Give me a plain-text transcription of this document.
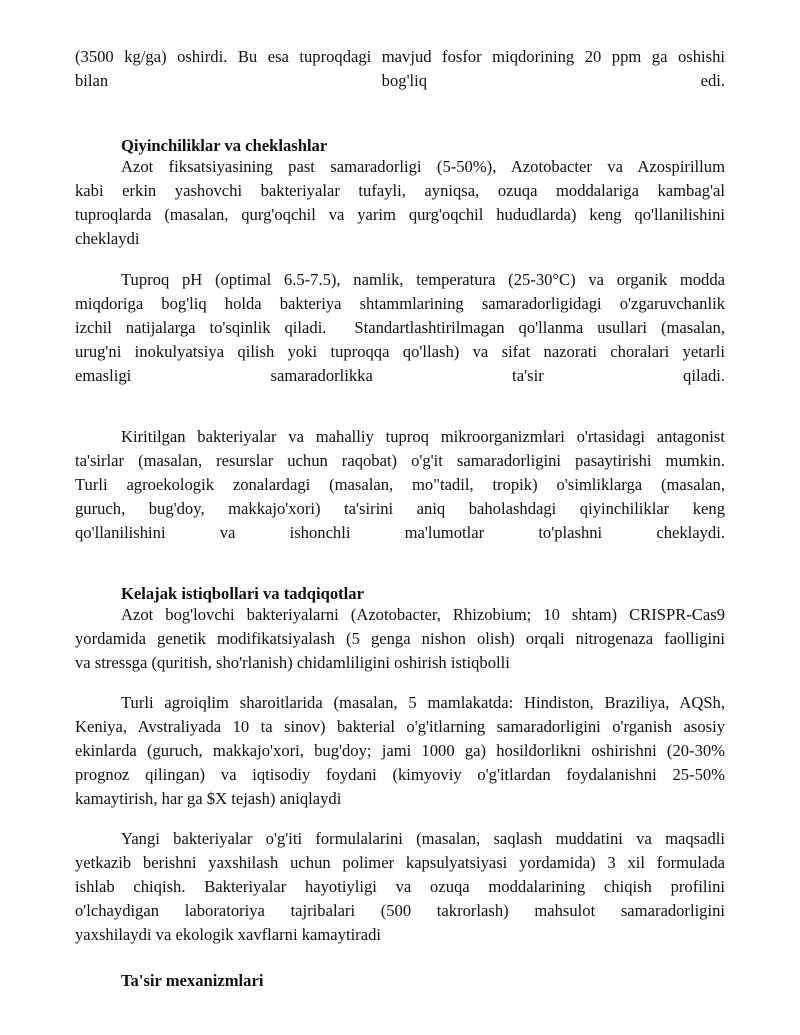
(3500 kg/ga) oshirdi. Bu esa tuproqdagi mavjud fosfor miqdorining 20 ppm ga oshishi
bilan bog'liq edi.
Qiyinchiliklar va cheklashlar
Azot fiksatsiyasining past samaradorligi (5-50%), Azotobacter va Azospirillum
kabi erkin yashovchi bakteriyalar tufayli, ayniqsa, ozuqa moddalariga kambag'al
tuproqlarda (masalan, qurg'oqchil va yarim qurg'oqchil hududlarda) keng qo'llanilishini
cheklaydi
Tuproq pH (optimal 6.5-7.5), namlik, temperatura (25-30°C) va organik modda
miqdoriga bog'liq holda bakteriya shtammlarining samaradorligidagi o'zgaruvchanlik
izchil natijalarga to'sqinlik qiladi.  Standartlashtirilmagan qo'llanma usullari (masalan,
urug'ni inokulyatsiya qilish yoki tuproqqa qo'llash) va sifat nazorati choralari yetarli
emasligi samaradorlikka ta'sir qiladi.
Kiritilgan bakteriyalar va mahalliy tuproq mikroorganizmlari o'rtasidagi antagonist
ta'sirlar (masalan, resurslar uchun raqobat) o'g'it samaradorligini pasaytirishi mumkin.
Turli agroekologik zonalardagi (masalan, mo"tadil, tropik) o'simliklarga (masalan,
guruch, bug'doy, makkajo'xori) ta'sirini aniq baholashdagi qiyinchiliklar keng
qo'llanilishini va ishonchli ma'lumotlar to'plashni cheklaydi.
Kelajak istiqbollari va tadqiqotlar
Azot bog'lovchi bakteriyalarni (Azotobacter, Rhizobium; 10 shtam) CRISPR-Cas9
yordamida genetik modifikatsiyalash (5 genga nishon olish) orqali nitrogenaza faolligini
va stressga (quritish, sho'rlanish) chidamliligini oshirish istiqbolli
Turli agroiqlim sharoitlarida (masalan, 5 mamlakatda: Hindiston, Braziliya, AQSh,
Keniya, Avstraliyada 10 ta sinov) bakterial o'g'itlarning samaradorligini o'rganish asosiy
ekinlarda (guruch, makkajo'xori, bug'doy; jami 1000 ga) hosildorlikni oshirishni (20-30%
prognoz qilingan) va iqtisodiy foydani (kimyoviy o'g'itlardan foydalanishni 25-50%
kamaytirish, har ga $X tejash) aniqlaydi
Yangi bakteriyalar o'g'iti formulalarini (masalan, saqlash muddatini va maqsadli
yetkazib berishni yaxshilash uchun polimer kapsulyatsiyasi yordamida) 3 xil formulada
ishlab chiqish. Bakteriyalar hayotiyligi va ozuqa moddalarining chiqish profilini
o'lchaydigan laboratoriya tajribalari (500 takrorlash) mahsulot samaradorligini
yaxshilaydi va ekologik xavflarni kamaytiradi
Ta'sir mexanizmlari
